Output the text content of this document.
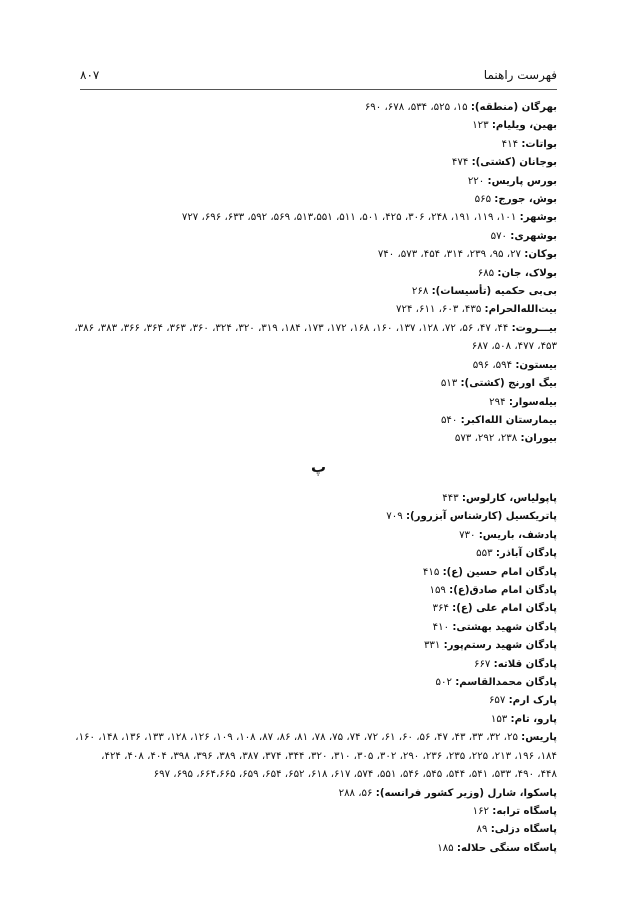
فهرست راهنما
۸۰۷

بهرگان (منطقه): ۱۵، ۵۲۵، ۵۳۴، ۶۷۸، ۶۹۰

بهین، ویلیام: ۱۲۳

بواتات: ۴۱۴

بوجانان (کشتی): ۴۷۴

بورس پاریس: ۲۲۰

بوش، جورج: ۵۶۵

بوشهر: ۱۰۱، ۱۱۹، ۱۹۱، ۲۴۸، ۳۰۶، ۴۲۵، ۵۰۱، ۵۱۱، ۵۱۳،۵۵۱، ۵۶۹، ۵۹۲، ۶۳۳، ۶۹۶، ۷۲۷

بوشهری: ۵۷۰

بوکان: ۲۷، ۹۵، ۲۳۹، ۳۱۴، ۴۵۴، ۵۷۳، ۷۴۰

بولاک، جان: ۶۸۵

بی‌بی حکمیه (تأسیسات): ۲۶۸

بیت‌الله‌الحرام: ۴۳۵، ۶۰۳، ۶۱۱، ۷۲۴

بیـــروت: ۴۴، ۴۷، ۵۶، ۷۲، ۱۲۸، ۱۳۷، ۱۶۰، ۱۶۸، ۱۷۲، ۱۷۳، ۱۸۴، ۳۱۹، ۳۲۰، ۳۲۴، ۳۶۰، ۳۶۳، ۳۶۴، ۳۶۶، ۳۸۳، ۳۸۶،

۴۵۳، ۴۷۷، ۵۰۸، ۶۸۷

بیستون: ۵۹۴، ۵۹۶

بیگ اورنج (کشتی): ۵۱۳

بیله‌سوار: ۲۹۴

بیمارستان الله‌اکبر: ۵۴۰

بیوران: ۲۳۸، ۲۹۲، ۵۷۳

پ

پاپولیاس، کارلوس: ۴۴۳

پاتریکسیل (کارشناس آبزرور): ۷۰۹

پادشف، باریس: ۷۳۰

پادگان آباذر: ۵۵۳

پادگان امام حسین (ع): ۴۱۵

پادگان امام صادق(ع): ۱۵۹

پادگان امام علی (ع): ۳۶۴

پادگان شهید بهشتی: ۴۱۰

پادگان شهید رستم‌پور: ۳۳۱

پادگان قلاته: ۶۶۷

پادگان محمدالقاسم: ۵۰۲

پارک ارم: ۶۵۷

پارو، تام: ۱۵۳

پاریس: ۲۵، ۳۲، ۳۳، ۴۳، ۴۷، ۵۶، ۶۰، ۶۱، ۷۲، ۷۴، ۷۵، ۷۸، ۸۱، ۸۶، ۸۷، ۱۰۸، ۱۰۹، ۱۲۶، ۱۲۸، ۱۳۳، ۱۳۶، ۱۴۸، ۱۶۰،

۱۸۴، ۱۹۶، ۲۱۳، ۲۲۵، ۲۳۵، ۲۳۶، ۲۹۰، ۳۰۲، ۳۰۵، ۳۱۰، ۳۲۰، ۳۴۴، ۳۷۴، ۳۸۷، ۳۸۹، ۳۹۶، ۳۹۸، ۴۰۴، ۴۰۸، ۴۲۴،

۴۴۸، ۴۹۰، ۵۳۳، ۵۴۱، ۵۴۴، ۵۴۵، ۵۴۶، ۵۵۱، ۵۷۴، ۶۱۷، ۶۱۸، ۶۵۲، ۶۵۴، ۶۵۹، ۶۶۴،۶۶۵، ۶۹۵، ۶۹۷

پاسکوا، شارل (وزیر کشور فرانسه): ۵۶، ۲۸۸

پاسگاه ترابه: ۱۶۲

پاسگاه دزلی: ۸۹

پاسگاه سنگی حلاله: ۱۸۵
